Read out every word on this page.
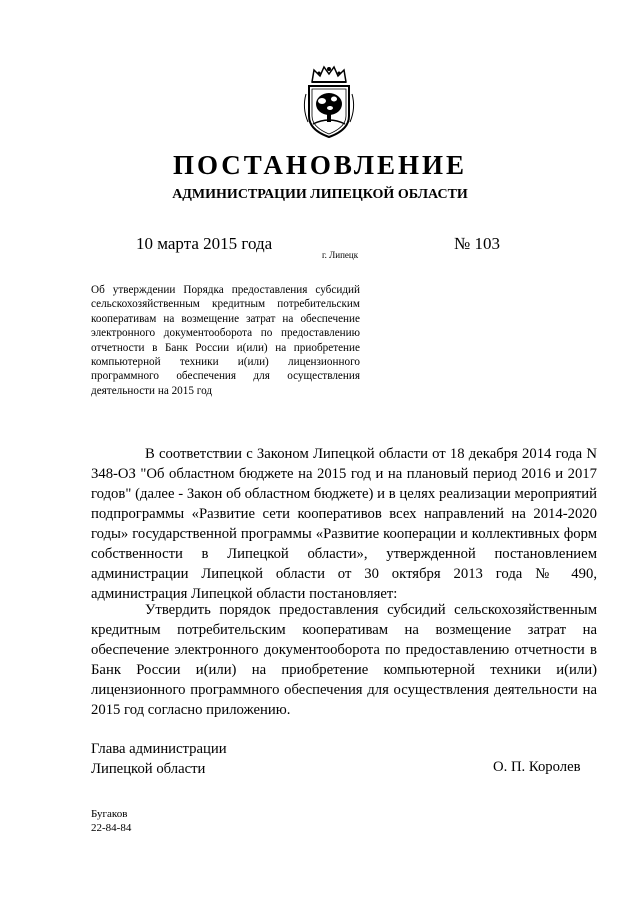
ПОСТАНОВЛЕНИЕ
АДМИНИСТРАЦИИ ЛИПЕЦКОЙ ОБЛАСТИ
10 марта 2015 года
г. Липецк
№ 103
Об утверждении Порядка предоставления субсидий сельскохозяйственным кредитным потребительским кооперативам на возмещение затрат на обеспечение электронного документооборота по предоставлению отчетности в Банк России и(или) на приобретение компьютерной техники и(или) лицензионного программного обеспечения для осуществления деятельности на 2015 год
В соответствии с Законом Липецкой области от 18 декабря 2014 года N 348-ОЗ "Об областном бюджете на 2015 год и на плановый период 2016 и 2017 годов" (далее - Закон об областном бюджете) и в целях реализации мероприятий подпрограммы «Развитие сети кооперативов всех направлений на 2014-2020 годы» государственной программы «Развитие кооперации и коллективных форм собственности в Липецкой области», утвержденной постановлением администрации Липецкой области от 30 октября 2013 года № 490, администрация Липецкой области постановляет:
Утвердить порядок предоставления субсидий сельскохозяйственным кредитным потребительским кооперативам на возмещение затрат на обеспечение электронного документооборота по предоставлению отчетности в Банк России и(или) на приобретение компьютерной техники и(или) лицензионного программного обеспечения для осуществления деятельности на 2015 год согласно приложению.
Глава администрации
Липецкой области	О. П. Королев
Бугаков
22-84-84
